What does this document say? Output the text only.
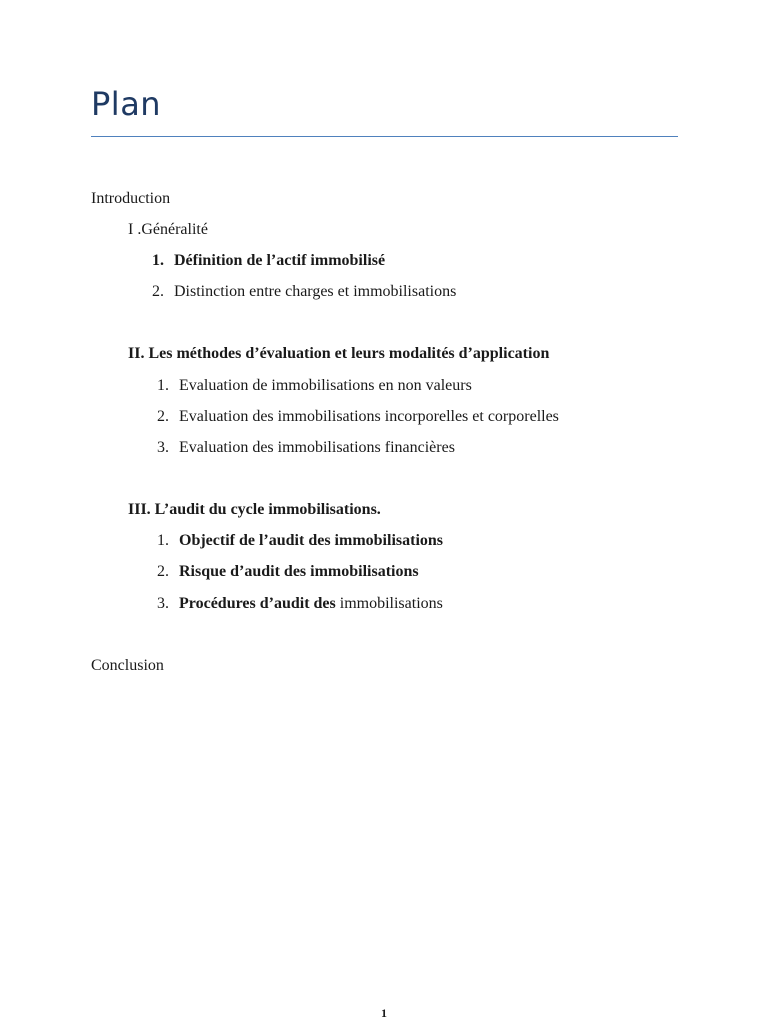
Plan
Introduction
I .Généralité
1. Définition de l’actif immobilisé
2. Distinction entre charges et immobilisations
II. Les méthodes d’évaluation et leurs modalités d’application
1. Evaluation de immobilisations en non valeurs
2. Evaluation des immobilisations incorporelles et corporelles
3. Evaluation des immobilisations financières
III. L’audit du cycle immobilisations.
1. Objectif de l’audit des immobilisations
2. Risque d’audit des immobilisations
3. Procédures d’audit des immobilisations
Conclusion
1
